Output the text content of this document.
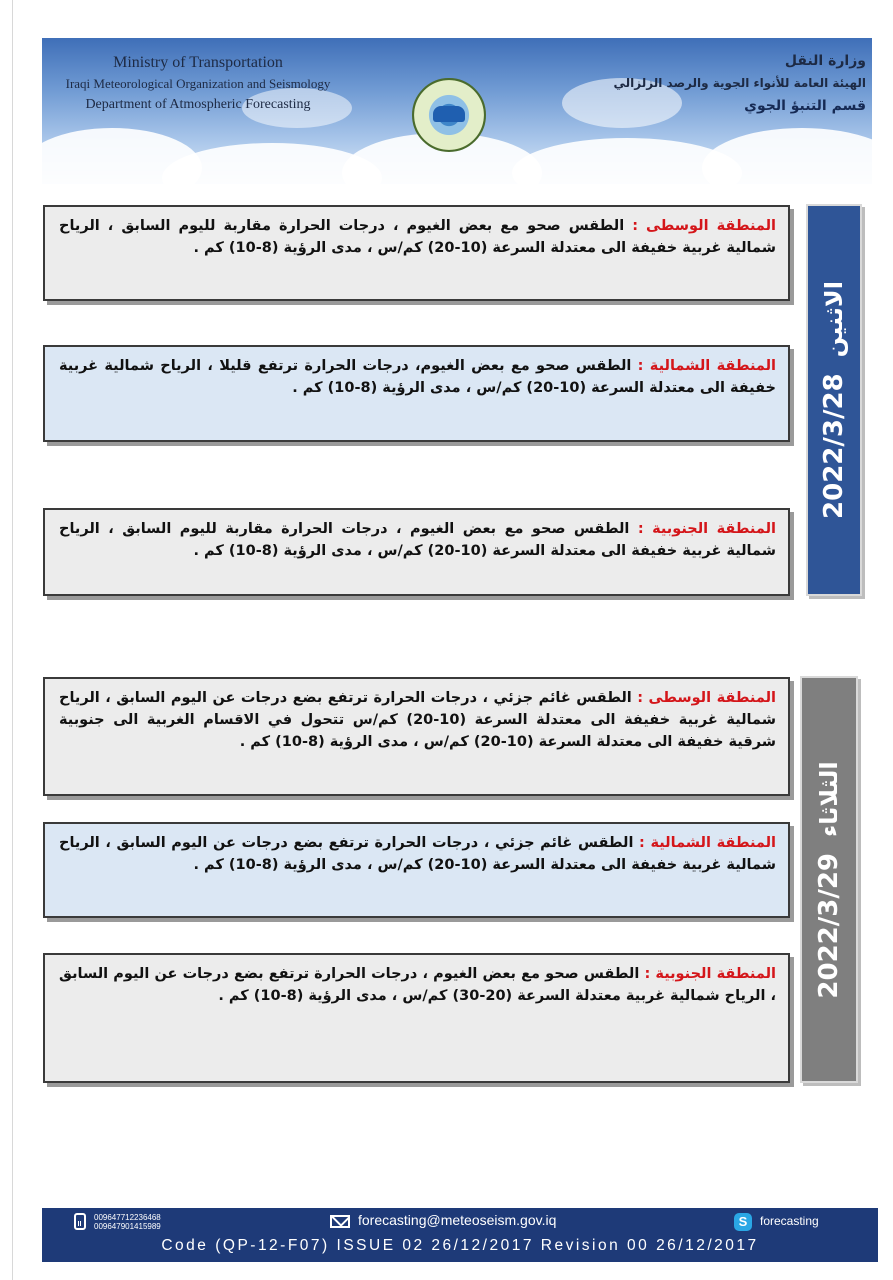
Ministry of Transportation
Iraqi Meteorological Organization and Seismology
Department of Atmospheric Forecasting
وزارة النقل
الهيئة العامة للأنواء الجوية والرصد الزلزالي
قسم التنبؤ الجوي
المنطقة الوسطى : الطقس صحو مع بعض الغيوم ، درجات الحرارة مقاربة لليوم السابق ، الرياح شمالية غربية خفيفة الى معتدلة السرعة (10-20) كم/س ، مدى الرؤية (8-10) كم .
المنطقة الشمالية : الطقس صحو مع بعض الغيوم، درجات الحرارة ترتفع قليلا ، الرياح شمالية غربية خفيفة الى معتدلة السرعة (10-20) كم/س ، مدى الرؤية (8-10) كم .
المنطقة الجنوبية : الطقس صحو مع بعض الغيوم ، درجات الحرارة مقاربة لليوم السابق ، الرياح شمالية غربية خفيفة الى معتدلة السرعة (10-20) كم/س ، مدى الرؤية (8-10) كم .
2022/3/28
الاثنين
المنطقة الوسطى : الطقس غائم جزئي ، درجات الحرارة ترتفع بضع درجات عن اليوم السابق ، الرياح شمالية غربية خفيفة الى معتدلة السرعة (10-20) كم/س تتحول في الاقسام الغربية الى جنوبية شرقية خفيفة الى معتدلة السرعة (10-20) كم/س ، مدى الرؤية (8-10) كم .
المنطقة الشمالية : الطقس غائم جزئي ، درجات الحرارة ترتفع بضع درجات عن اليوم السابق ، الرياح شمالية غربية خفيفة الى معتدلة السرعة (10-20) كم/س ، مدى الرؤية (8-10) كم .
المنطقة الجنوبية : الطقس صحو مع بعض الغيوم ، درجات الحرارة ترتفع بضع درجات عن اليوم السابق ، الرياح شمالية غربية معتدلة السرعة (20-30) كم/س ، مدى الرؤية (8-10) كم .	2022/3/29
الثلاثاء
009647712236468
009647901415989	forecasting@meteoseism.gov.iq	S	forecasting
Code (QP-12-F07) ISSUE 02 26/12/2017 Revision 00 26/12/2017
